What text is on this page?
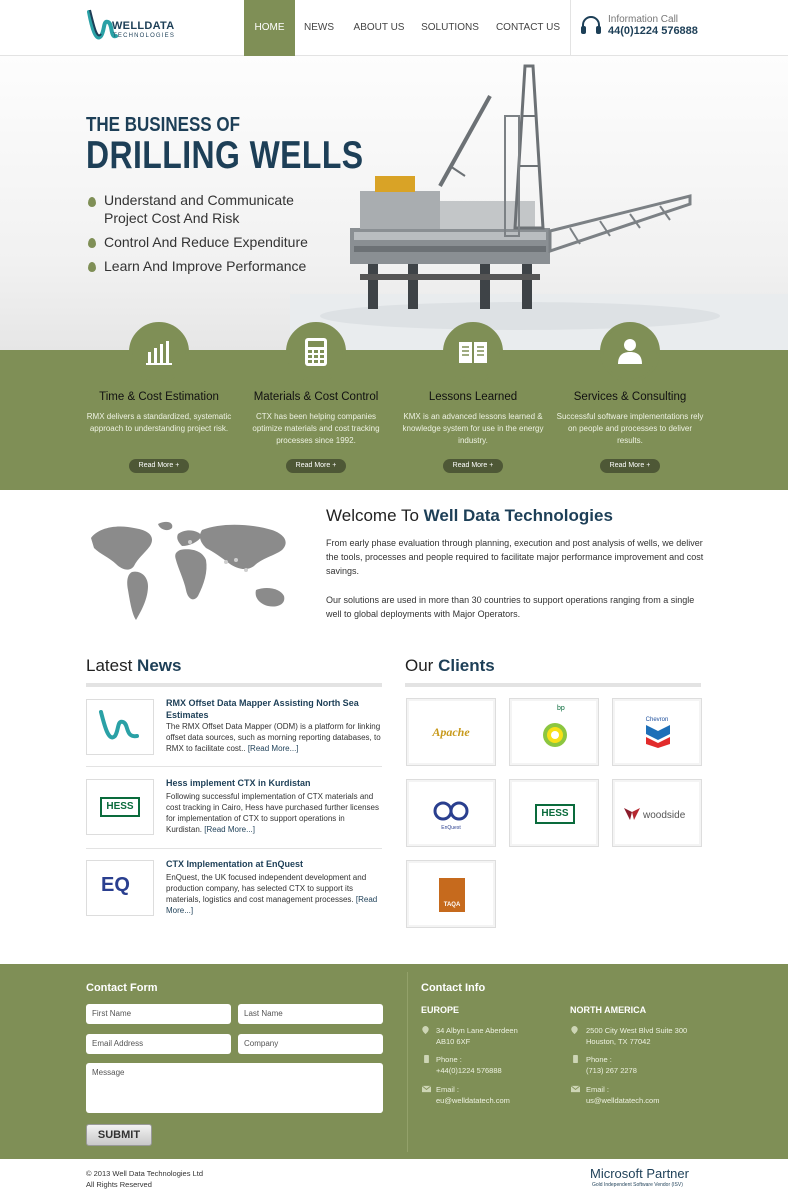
WELLDATA
TECHNOLOGIES
HOME	NEWS	ABOUT US	SOLUTIONS	CONTACT US
Information Call
44(0)1224 576888
THE BUSINESS OF
DRILLING WELLS
Understand and Communicate Project Cost And Risk
Control And Reduce Expenditure
Learn And Improve Performance
Time & Cost Estimation	Materials & Cost Control	Lessons Learned	Services & Consulting
RMX delivers a standardized, systematic approach to understanding project risk.
CTX has been helping companies optimize materials and cost tracking processes since 1992.
KMX is an advanced lessons learned & knowledge system for use in the energy industry.
Successful software implementations rely on people and processes to deliver results.
Read More +	Read More +	Read More +	Read More +
Welcome To Well Data Technologies
From early phase evaluation through planning, execution and post analysis of wells, we deliver the tools, processes and people required to facilitate major performance improvement and cost savings.
Our solutions are used in more than 30 countries to support operations ranging from a single well to global deployments with Major Operators.
Latest News
RMX Offset Data Mapper Assisting North Sea Estimates
The RMX Offset Data Mapper (ODM) is a platform for linking offset data sources, such as morning reporting databases, to RMX to facilitate cost.. [Read More...]
HESS
Hess implement CTX in Kurdistan
Following successful implementation of CTX materials and cost tracking in Cairo, Hess have purchased further licenses for implementation of CTX to support operations in Kurdistan. [Read More...]
EQ
CTX Implementation at EnQuest
EnQuest, the UK focused independent development and production company, has selected CTX to support its materials, logistics and cost management processes. [Read More...]
Our Clients
Apache
bp
Chevron
EnQuest
HESS	woodside
TAQA
Contact Form
First Name	Last Name
Email Address	Company
Message
SUBMIT
Contact Info
EUROPE	NORTH AMERICA
34 Albyn Lane Aberdeen
AB10 6XF
Phone :
+44(0)1224 576888
Email :
eu@welldatatech.com
2500 City West Blvd Suite 300
Houston, TX 77042
Phone :
(713) 267 2278
Email :
us@welldatatech.com
© 2013 Well Data Technologies Ltd
All Rights Reserved
Microsoft Partner
Gold Independent Software Vendor (ISV)
